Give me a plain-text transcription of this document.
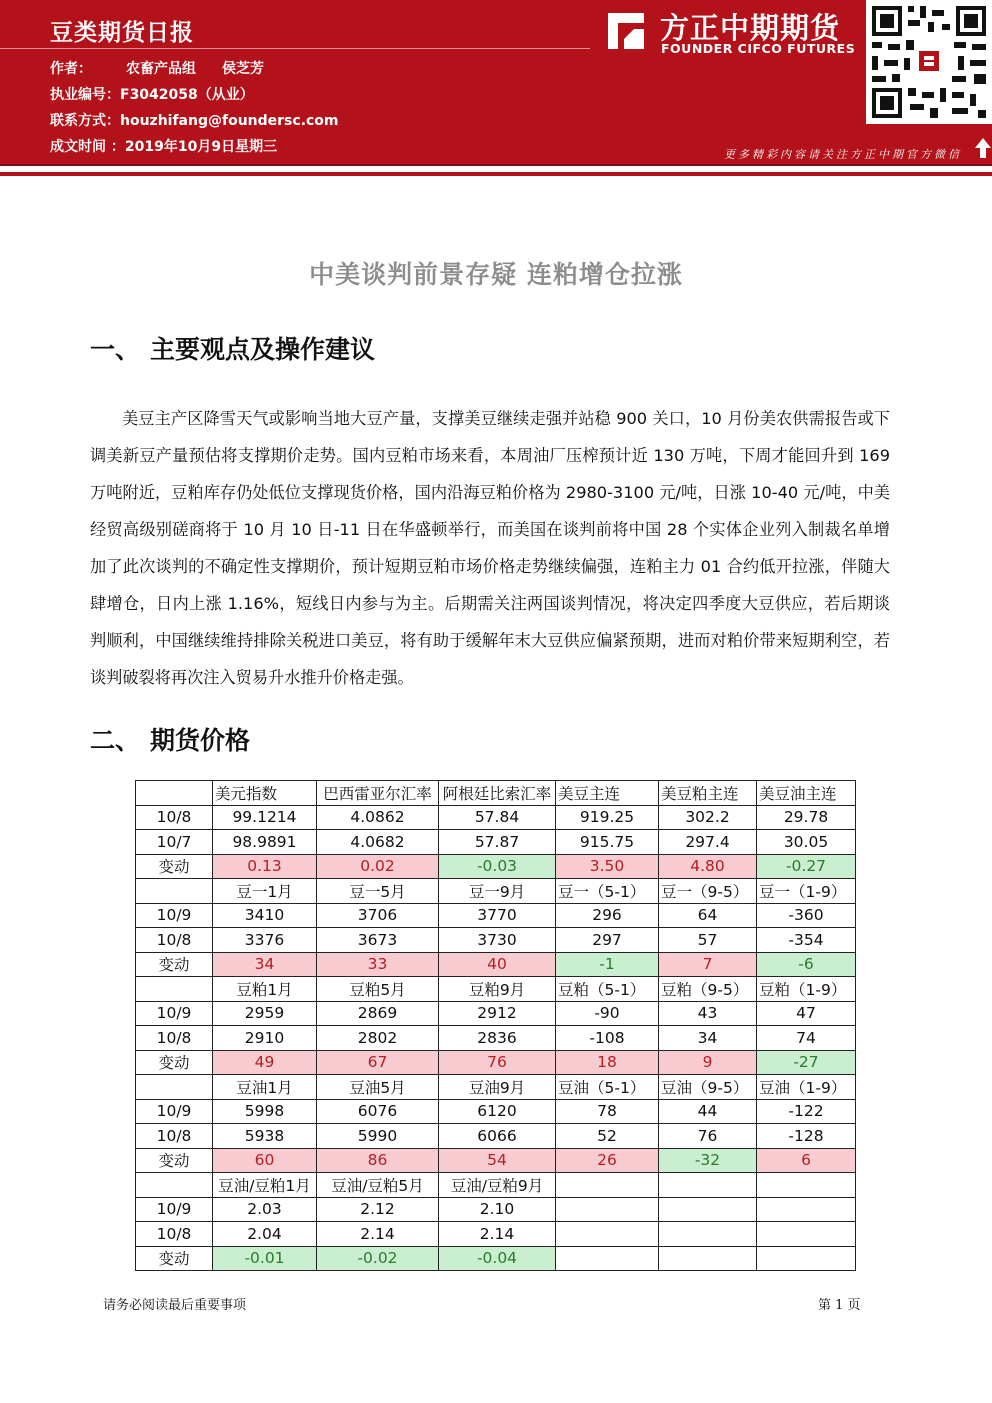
豆类期货日报
作者： 农畜产品组 侯芝芳
执业编号：F3042058（从业）
联系方式：houzhifang@foundersc.com
成文时间 ：2019年10月9日星期三
方正中期期货
FOUNDER CIFCO FUTURES
更多精彩内容请关注方正中期官方微信
中美谈判前景存疑 连粕增仓拉涨
一、 主要观点及操作建议
美豆主产区降雪天气或影响当地大豆产量，支撑美豆继续走强并站稳 900 关口，10 月份美农供需报告或下调美新豆产量预估将支撑期价走势。国内豆粕市场来看，本周油厂压榨预计近 130 万吨，下周才能回升到 169 万吨附近，豆粕库存仍处低位支撑现货价格，国内沿海豆粕价格为 2980-3100 元/吨，日涨 10-40 元/吨，中美经贸高级别磋商将于 10 月 10 日-11 日在华盛顿举行，而美国在谈判前将中国 28 个实体企业列入制裁名单增加了此次谈判的不确定性支撑期价，预计短期豆粕市场价格走势继续偏强，连粕主力 01 合约低开拉涨，伴随大肆增仓，日内上涨 1.16%，短线日内参与为主。后期需关注两国谈判情况，将决定四季度大豆供应，若后期谈判顺利，中国继续维持排除关税进口美豆，将有助于缓解年末大豆供应偏紧预期，进而对粕价带来短期利空，若谈判破裂将再次注入贸易升水推升价格走强。
二、 期货价格
	美元指数	巴西雷亚尔汇率	阿根廷比索汇率	美豆主连	美豆粕主连	美豆油主连
10/8	99.1214	4.0862	57.84	919.25	302.2	29.78
10/7	98.9891	4.0682	57.87	915.75	297.4	30.05
变动	0.13	0.02	-0.03	3.50	4.80	-0.27
	豆一1月	豆一5月	豆一9月	豆一（5-1）	豆一（9-5）	豆一（1-9）
10/9	3410	3706	3770	296	64	-360
10/8	3376	3673	3730	297	57	-354
变动	34	33	40	-1	7	-6
	豆粕1月	豆粕5月	豆粕9月	豆粕（5-1）	豆粕（9-5）	豆粕（1-9）
10/9	2959	2869	2912	-90	43	47
10/8	2910	2802	2836	-108	34	74
变动	49	67	76	18	9	-27
	豆油1月	豆油5月	豆油9月	豆油（5-1）	豆油（9-5）	豆油（1-9）
10/9	5998	6076	6120	78	44	-122
10/8	5938	5990	6066	52	76	-128
变动	60	86	54	26	-32	6
	豆油/豆粕1月	豆油/豆粕5月	豆油/豆粕9月			
10/9	2.03	2.12	2.10			
10/8	2.04	2.14	2.14			
变动	-0.01	-0.02	-0.04			
请务必阅读最后重要事项	第 1 页
